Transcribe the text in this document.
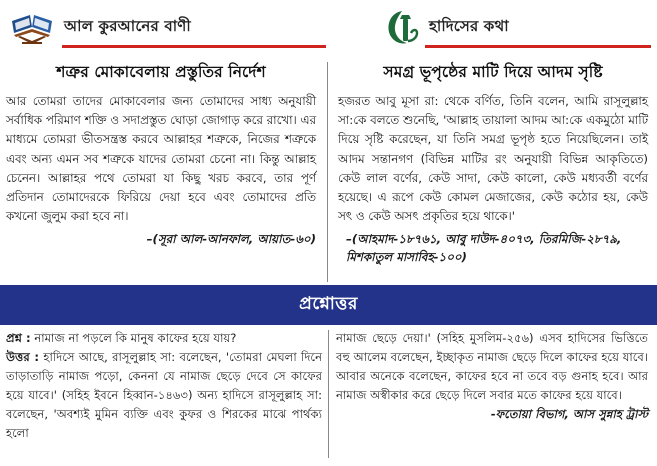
আল কুরআনের বাণী	হাদিসের কথা
শত্রুর মোকাবেলায় প্রস্তুতির নির্দেশ
আর তোমরা তাদের মোকাবেলার জন্য তোমাদের সাধ্য অনুযায়ী সর্বাধিক পরিমাণ শক্তি ও সদাপ্রস্তুত ঘোড়া জোগাড় করে রাখো। এর মাধ্যমে তোমরা ভীতসন্ত্রস্ত করবে আল্লাহর শত্রুকে, নিজের শত্রুকে এবং অন্য এমন সব শত্রুকে যাদের তোমরা চেনো না। কিন্তু আল্লাহ চেনেন। আল্লাহর পথে তোমরা যা কিছু খরচ করবে, তার পূর্ণ প্রতিদান তোমাদেরকে ফিরিয়ে দেয়া হবে এবং তোমাদের প্রতি কখনো জুলুম করা হবে না।
–(সূরা আল-আনফাল, আয়াত-৬০)
সমগ্র ভূপৃষ্ঠের মাটি দিয়ে আদম সৃষ্টি
হজরত আবু মূসা রা: থেকে বর্ণিত, তিনি বলেন, আমি রাসূলুল্লাহ সা:কে বলতে শুনেছি, 'আল্লাহ তায়ালা আদম আ:কে একমুঠো মাটি দিয়ে সৃষ্টি করেছেন, যা তিনি সমগ্র ভূপৃষ্ঠ হতে নিয়েছিলেন। তাই আদম সন্তানগণ (বিভিন্ন মাটির রং অনুযায়ী বিভিন্ন আকৃতিতে) কেউ লাল বর্ণের, কেউ সাদা, কেউ কালো, কেউ মধ্যবর্তী বর্ণের হয়েছে। এ রূপে কেউ কোমল মেজাজের, কেউ কঠোর হয়, কেউ সৎ ও কেউ অসৎ প্রকৃতির হয়ে থাকে।'
–(আহমাদ-১৮৭৬১, আবু দাউদ-৪০৭৩, তিরমিজি-২৮৭৯, মিশকাতুল মাসাবিহ-১০০)
প্রশ্নোত্তর
প্রশ্ন : নামাজ না পড়লে কি মানুষ কাফের হয়ে যায়?
উত্তর : হাদিসে আছে, রাসূলুল্লাহ সা: বলেছেন, 'তোমরা মেঘলা দিনে তাড়াতাড়ি নামাজ পড়ো, কেননা যে নামাজ ছেড়ে দেবে সে কাফের হয়ে যাবে।' (সহিহ ইবনে হিব্বান-১৪৬৩) অন্য হাদিসে রাসূলুল্লাহ সা: বলেছেন, 'অবশ্যই মুমিন ব্যক্তি এবং কুফর ও শিরকের মাঝে পার্থক্য হলো
নামাজ ছেড়ে দেয়া।' (সহিহ মুসলিম-২৫৬) এসব হাদিসের ভিত্তিতে বহু আলেম বলেছেন, ইচ্ছাকৃত নামাজ ছেড়ে দিলে কাফের হয়ে যাবে। আবার অনেকে বলেছেন, কাফের হবে না তবে বড় গুনাহ হবে। আর নামাজ অস্বীকার করে ছেড়ে দিলে সবার মতে কাফের হয়ে যাবে।
-ফতোয়া বিভাগ, আস সুন্নাহ ট্রাস্ট
